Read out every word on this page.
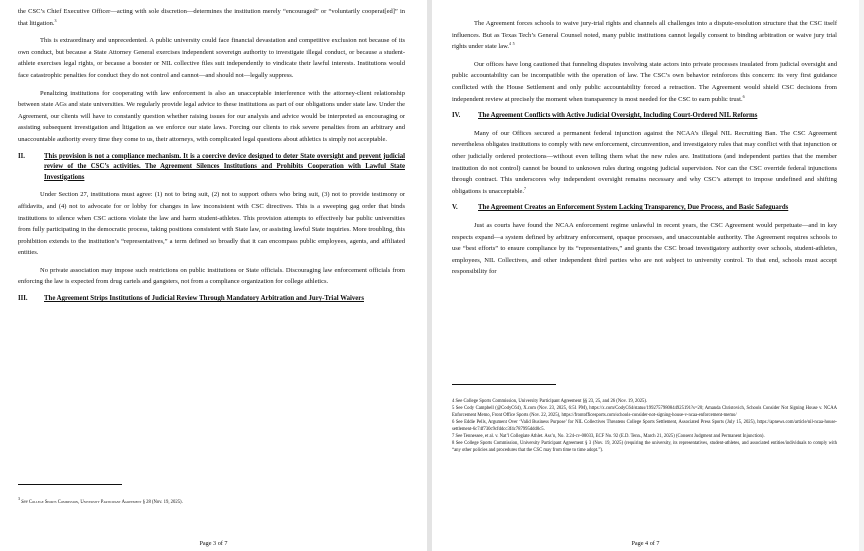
the CSC’s Chief Executive Officer—acting with sole discretion—determines the institution merely “encouraged” or “voluntarily cooperat[ed]” in that litigation.$^3$

This is extraordinary and unprecedented. A public university could face financial devastation and competitive exclusion not because of its own conduct, but because a State Attorney General exercises independent sovereign authority to investigate illegal conduct, or because a student-athlete exercises legal rights, or because a booster or NIL collective files suit independently to vindicate their lawful interests. Institutions would face catastrophic penalties for conduct they do not control and cannot—and should not—legally suppress.

Penalizing institutions for cooperating with law enforcement is also an unacceptable interference with the attorney-client relationship between state AGs and state universities. We regularly provide legal advice to these institutions as part of our obligations under state law. Under the Agreement, our clients will have to constantly question whether raising issues for our analysis and advice would be interpreted as encouraging or assisting subsequent investigation and litigation as we enforce our state laws. Forcing our clients to risk severe penalties from an arbitrary and unaccountable authority every time they come to us, their attorneys, with complicated legal questions about athletics is simply not acceptable.

II.	This provision is not a compliance mechanism. It is a coercive device designed to deter State oversight and prevent judicial review of the CSC’s activities. The Agreement Silences Institutions and Prohibits Cooperation with Lawful State Investigations

Under Section 27, institutions must agree: (1) not to bring suit, (2) not to support others who bring suit, (3) not to provide testimony or affidavits, and (4) not to advocate for or lobby for changes in law inconsistent with CSC directives. This is a sweeping gag order that binds institutions to silence when CSC actions violate the law and harm student-athletes. This provision attempts to effectively bar public universities from fully participating in the democratic process, taking positions consistent with State law, or assisting lawful State inquiries. More troubling, this prohibition extends to the institution’s “representatives,” a term defined so broadly that it can encompass public employees, agents, and affiliated entities.

No private association may impose such restrictions on public institutions or State officials. Discouraging law enforcement officials from enforcing the law is expected from drug cartels and gangsters, not from a compliance organization for college athletics.

III.	The Agreement Strips Institutions of Judicial Review Through Mandatory Arbitration and Jury-Trial Waivers

$^3$ See College Sports Commission, University Participant Agreement § 28 (Nov. 19, 2025).

Page 3 of 7

The Agreement forces schools to waive jury-trial rights and channels all challenges into a dispute-resolution structure that the CSC itself influences. But as Texas Tech’s General Counsel noted, many public institutions cannot legally consent to binding arbitration or waive jury trial rights under state law.$^4$ $^5$

Our offices have long cautioned that funneling disputes involving state actors into private processes insulated from judicial oversight and public accountability can be incompatible with the operation of law. The CSC’s own behavior reinforces this concern: its very first guidance conflicted with the House Settlement and only public accountability forced a retraction. The Agreement would shield CSC decisions from independent review at precisely the moment when transparency is most needed for the CSC to earn public trust.$^6$

IV.	The Agreement Conflicts with Active Judicial Oversight, Including Court-Ordered NIL Reforms

Many of our Offices secured a permanent federal injunction against the NCAA’s illegal NIL Recruiting Ban. The CSC Agreement nevertheless obligates institutions to comply with new enforcement, circumvention, and investigatory rules that may conflict with that injunction or other judicially ordered protections—without even telling them what the new rules are. Institutions (and independent parties that the member institution do not control) cannot be bound to unknown rules during ongoing judicial supervision. Nor can the CSC override federal injunctions through contract. This underscores why independent oversight remains necessary and why CSC’s attempt to impose undefined and shifting obligations is unacceptable.$^7$

V.	The Agreement Creates an Enforcement System Lacking Transparency, Due Process, and Basic Safeguards

Just as courts have found the NCAA enforcement regime unlawful in recent years, the CSC Agreement would perpetuate—and in key respects expand—a system defined by arbitrary enforcement, opaque processes, and unaccountable authority. The Agreement requires schools to use “best efforts” to ensure compliance by its “representatives,” and grants the CSC broad investigatory authority over schools, student-athletes, employees, NIL Collectives, and other independent third parties who are not subject to university control. To that end, schools must accept responsibility for

4 See College Sports Commission, University Participant Agreement §§ 23, 25, and 26 (Nov. 19, 2025).

5 See Cody Campbell (@CodyC64), X.com (Nov. 23, 2025, 6:51 PM), https://x.com/CodyC64/status/1992757980844925191?s=20; Amanda Christovich, Schools Consider Not Signing House v. NCAA Enforcement Memo, Front Office Sports (Nov. 22, 2025), https://frontofficesports.com/schools-consider-not-signing-house-v-ncaa-enforcement-memo/

6 See Eddie Pells, Argument Over ‘Valid Business Purpose’ for NIL Collectives Threatens College Sports Settlement, Associated Press Sports (July 15, 2025), https://apnews.com/article/nil-ncaa-house-settlement-6c74f730c9cfddcc3f4c787995ddd0c5.

7 See Tennessee, et al. v. Nat’l Collegiate Athlet. Ass’n, No. 3:24-cv-00033, ECF No. 92 (E.D. Tenn., March 21, 2025) (Consent Judgment and Permanent Injunction).

8 See College Sports Commission, University Participant Agreement § 3 (Nov. 19, 2025) (requiring the university, its representatives, student-athletes, and associated entities/individuals to comply with “any other policies and procedures that the CSC may from time to time adopt.”).

Page 4 of 7
